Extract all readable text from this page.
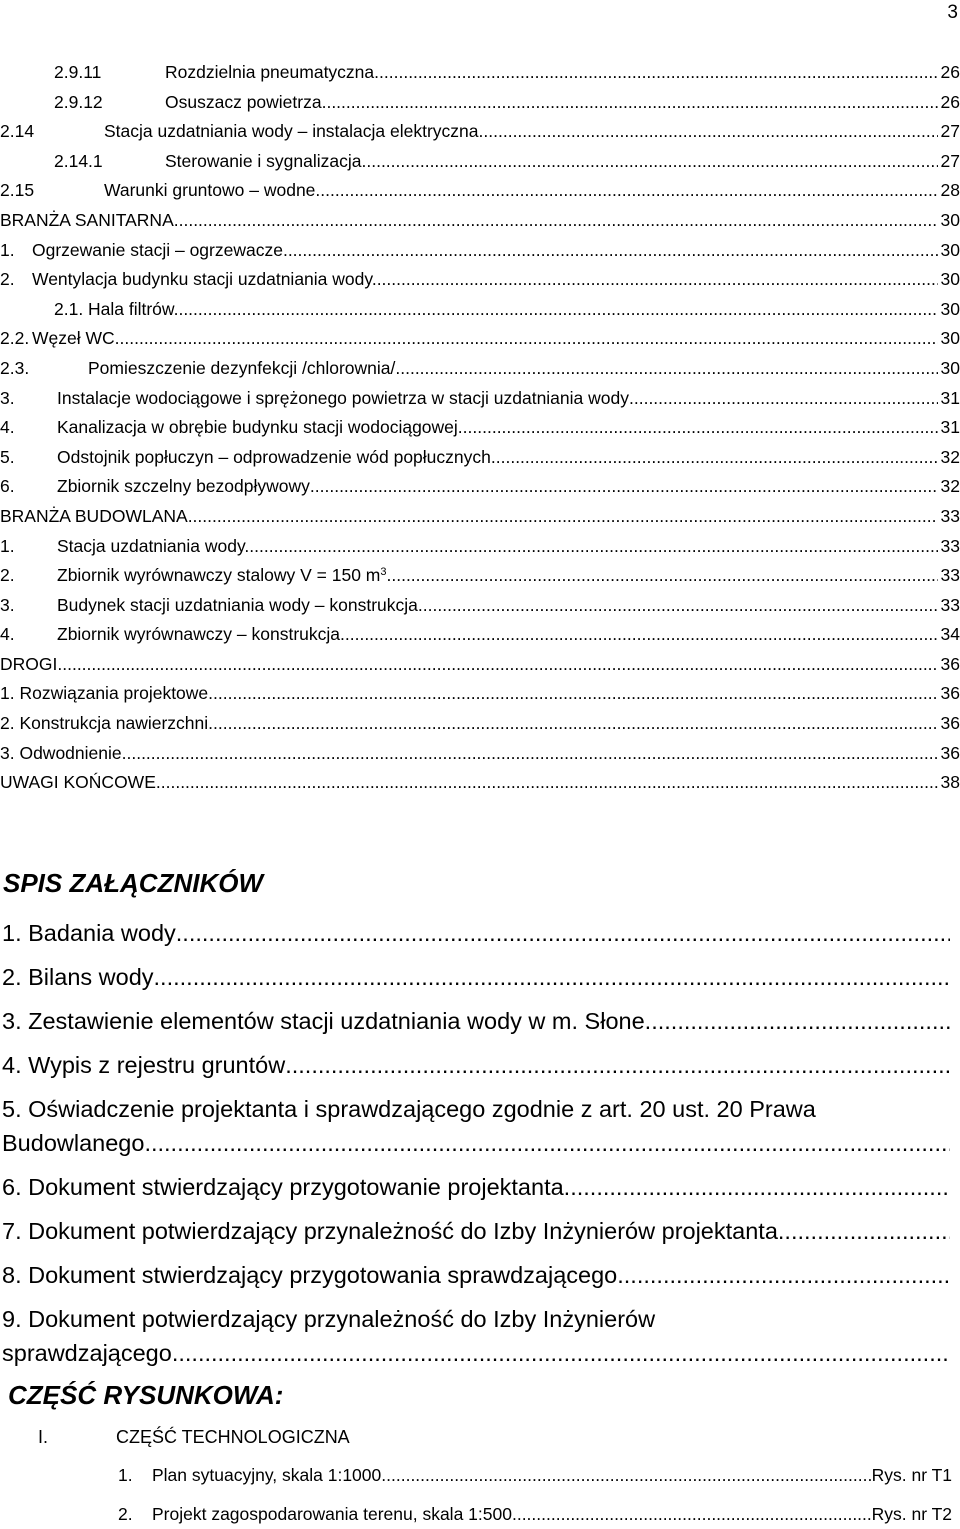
3
2.9.11	Rozdzielnia pneumatyczna. .....	26
2.9.12	Osuszacz powietrza. .....	26
2.14	Stacja uzdatniania wody – instalacja elektryczna. .....	27
2.14.1	Sterowanie i sygnalizacja. .....	27
2.15	Warunki gruntowo – wodne. .....	28
BRANŻA SANITARNA .....	30
1. Ogrzewanie stacji – ogrzewacze. .....	30
2. Wentylacja budynku stacji uzdatniania wody. .....	30
2.1. Hala filtrów. .....	30
2.2. Węzeł WC .....	30
2.3.	Pomieszczenie dezynfekcji /chlorownia/. .....	30
3. Instalacje wodociągowe i sprężonego powietrza w stacji uzdatniania wody .....	31
4. Kanalizacja w obrębie budynku stacji wodociągowej. .....	31
5. Odstojnik popłuczyn – odprowadzenie wód popłucznych. .....	32
6. Zbiornik szczelny bezodpływowy .....	32
BRANŻA BUDOWLANA .....	33
1. Stacja uzdatniania wody. .....	33
2. Zbiornik wyrównawczy stalowy V = 150 $m^3$ .....	33
3. Budynek stacji uzdatniania wody – konstrukcja. .....	33
4. Zbiornik wyrównawczy – konstrukcja. .....	34
DROGI .....	36
1. Rozwiązania projektowe .....	36
2. Konstrukcja nawierzchni .....	36
3. Odwodnienie .....	36
UWAGI KOŃCOWE. .....	38
SPIS ZAŁĄCZNIKÓW
1. Badania wody
.....
2. Bilans wody
.....
3. Zestawienie elementów stacji uzdatniania wody w m. Słone
.....
4. Wypis z rejestru gruntów
.....
5. Oświadczenie projektanta i sprawdzającego zgodnie z art. 20 ust. 20 Prawa
Budowlanego
.....
6. Dokument stwierdzający przygotowanie projektanta
.....
7. Dokument potwierdzający przynależność do Izby Inżynierów projektanta
.....
8. Dokument stwierdzający przygotowania sprawdzającego
.....
9. Dokument potwierdzający przynależność do Izby Inżynierów
sprawdzającego
.....
CZĘŚĆ RYSUNKOWA:
I.	CZĘŚĆ TECHNOLOGICZNA
1. Plan sytuacyjny, skala 1:1000 .....	Rys. nr T1
2. Projekt zagospodarowania terenu, skala 1:500 .....	Rys. nr T2
